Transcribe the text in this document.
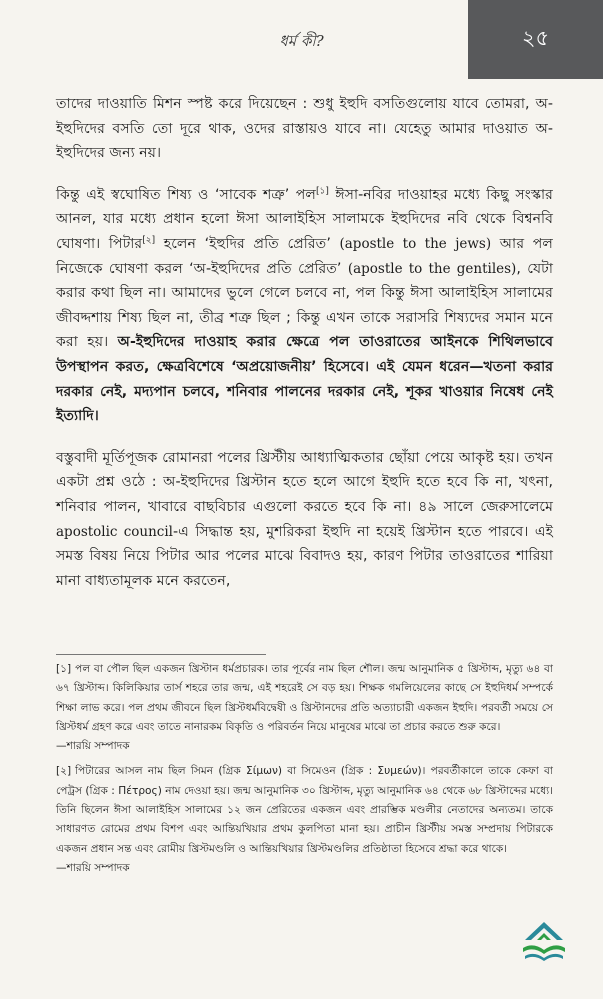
ধর্ম কী?	২৫

তাদের দাওয়াতি মিশন স্পষ্ট করে দিয়েছেন : শুধু ইহুদি বসতিগুলোয় যাবে তোমরা, অ-ইহুদিদের বসতি তো দূরে থাক, ওদের রাস্তায়ও যাবে না। যেহেতু আমার দাওয়াত অ-ইহুদিদের জন্য নয়।

কিন্তু এই স্বঘোষিত শিষ্য ও ‘সাবেক শত্রু’ পল[১] ঈসা-নবির দাওয়াহর মধ্যে কিছু সংস্কার আনল, যার মধ্যে প্রধান হলো ঈসা আলাইহিস সালামকে ইহুদিদের নবি থেকে বিশ্বনবি ঘোষণা। পিটার[২] হলেন ‘ইহুদির প্রতি প্রেরিত’ (apostle to the jews) আর পল নিজেকে ঘোষণা করল ‘অ-ইহুদিদের প্রতি প্রেরিত’ (apostle to the gentiles), যেটা করার কথা ছিল না। আমাদের ভুলে গেলে চলবে না, পল কিন্তু ঈসা আলাইহিস সালামের জীবদ্দশায় শিষ্য ছিল না, তীব্র শত্রু ছিল ; কিন্তু এখন তাকে সরাসরি শিষ্যদের সমান মনে করা হয়। অ-ইহুদিদের দাওয়াহ করার ক্ষেত্রে পল তাওরাতের আইনকে শিথিলভাবে উপস্থাপন করত, ক্ষেত্রবিশেষে ‘অপ্রয়োজনীয়’ হিসেবে। এই যেমন ধরেন—খতনা করার দরকার নেই, মদ্যপান চলবে, শনিবার পালনের দরকার নেই, শূকর খাওয়ার নিষেধ নেই ইত্যাদি।

বস্তুবাদী মূর্তিপূজক রোমানরা পলের খ্রিস্টীয় আধ্যাত্মিকতার ছোঁয়া পেয়ে আকৃষ্ট হয়। তখন একটা প্রশ্ন ওঠে : অ-ইহুদিদের খ্রিস্টান হতে হলে আগে ইহুদি হতে হবে কি না, খৎনা, শনিবার পালন, খাবারে বাছবিচার এগুলো করতে হবে কি না। ৪৯ সালে জেরুসালেমে apostolic council-এ সিদ্ধান্ত হয়, মুশরিকরা ইহুদি না হয়েই খ্রিস্টান হতে পারবে। এই সমস্ত বিষয় নিয়ে পিটার আর পলের মাঝে বিবাদও হয়, কারণ পিটার তাওরাতের শারিয়া মানা বাধ্যতামূলক মনে করতেন,

[১] পল বা পৌল ছিল একজন খ্রিস্টান ধর্মপ্রচারক। তার পূর্বের নাম ছিল শৌল। জন্ম আনুমানিক ৫ খ্রিস্টাব্দ, মৃত্যু ৬৪ বা ৬৭ খ্রিস্টাব্দ। কিলিকিয়ার তার্স শহরে তার জন্ম, এই শহরেই সে বড় হয়। শিক্ষক গমলিয়েলের কাছে সে ইহুদিধর্ম সম্পর্কে শিক্ষা লাভ করে। পল প্রথম জীবনে ছিল খ্রিস্টধর্মবিদ্বেষী ও খ্রিস্টানদের প্রতি অত্যাচারী একজন ইহুদি। পরবর্তী সময়ে সে খ্রিস্টধর্ম গ্রহণ করে এবং তাতে নানারকম বিকৃতি ও পরিবর্তন নিয়ে মানুষের মাঝে তা প্রচার করতে শুরু করে।
—শারয়ি সম্পাদক

[২] পিটারের আসল নাম ছিল সিমন (গ্রিক Σίμων) বা সিমেওন (গ্রিক : Συμεών)। পরবর্তীকালে তাকে কেফা বা পেট্রস (গ্রিক : Πέτρος) নাম দেওয়া হয়। জন্ম আনুমানিক ৩০ খ্রিস্টাব্দ, মৃত্যু আনুমানিক ৬৪ থেকে ৬৮ খ্রিস্টাব্দের মধ্যে। তিনি ছিলেন ঈসা আলাইহিস সালামের ১২ জন প্রেরিতের একজন এবং প্রারম্ভিক মণ্ডলীর নেতাদের অন্যতম। তাকে সাধারণত রোমের প্রথম বিশপ এবং আন্তিয়খিয়ার প্রথম কুলপিতা মানা হয়। প্রাচীন খ্রিস্টীয় সমস্ত সম্প্রদায় পিটারকে একজন প্রধান সন্ত এবং রোমীয় খ্রিস্টমণ্ডলি ও আন্তিয়খিয়ার খ্রিস্টমণ্ডলির প্রতিষ্ঠাতা হিসেবে শ্রদ্ধা করে থাকে।
—শারয়ি সম্পাদক
